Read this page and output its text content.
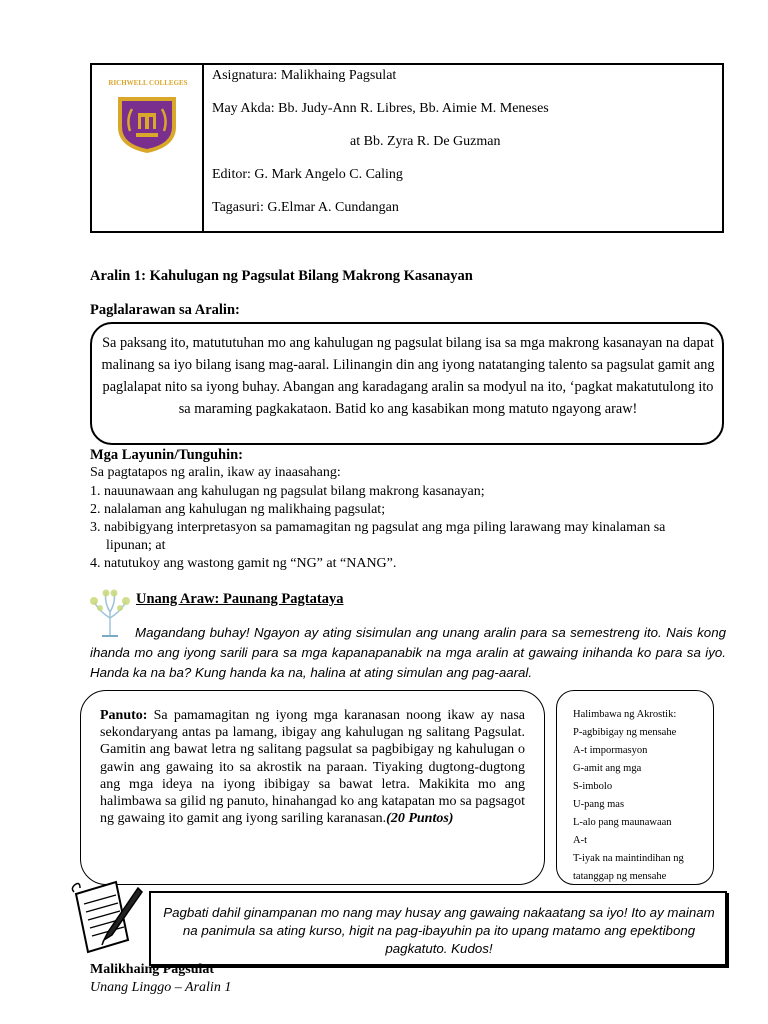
RICHWELL COLLEGES Asignatura: Malikhaing Pagsulat
May Akda: Bb. Judy-Ann R. Libres, Bb. Aimie M. Meneses
at Bb. Zyra R. De Guzman
Editor: G. Mark Angelo C. Caling
Tagasuri: G.Elmar A. Cundangan
Aralin 1: Kahulugan ng Pagsulat Bilang Makrong Kasanayan
Paglalarawan sa Aralin:
Sa paksang ito, matututuhan mo ang kahulugan ng pagsulat bilang isa sa mga makrong kasanayan na dapat malinang sa iyo bilang isang mag-aaral. Lilinangin din ang iyong natatanging talento sa pagsulat gamit ang paglalapat nito sa iyong buhay. Abangan ang karadagang aralin sa modyul na ito, ‘pagkat makatutulong ito sa maraming pagkakataon. Batid ko ang kasabikan mong matuto ngayong araw!
Mga Layunin/Tunguhin:
Sa pagtatapos ng aralin, ikaw ay inaasahang:
1. nauunawaan ang kahulugan ng pagsulat bilang makrong kasanayan;
2. nalalaman ang kahulugan ng malikhaing pagsulat;
3. nabibigyang interpretasyon sa pamamagitan ng pagsulat ang mga piling larawang may kinalaman sa
lipunan; at
4. natutukoy ang wastong gamit ng “NG” at “NANG”.
Unang Araw: Paunang Pagtataya
Magandang buhay! Ngayon ay ating sisimulan ang unang aralin para sa semestreng ito. Nais kong ihanda mo ang iyong sarili para sa mga kapanapanabik na mga aralin at gawaing inihanda ko para sa iyo. Handa ka na ba? Kung handa ka na, halina at ating simulan ang pag-aaral.
Panuto: Sa pamamagitan ng iyong mga karanasan noong ikaw ay nasa sekondaryang antas pa lamang, ibigay ang kahulugan ng salitang Pagsulat. Gamitin ang bawat letra ng salitang pagsulat sa pagbibigay ng kahulugan o gawin ang gawaing ito sa akrostik na paraan. Tiyaking dugtong-dugtong ang mga ideya na iyong ibibigay sa bawat letra. Makikita mo ang halimbawa sa gilid ng panuto, hinahangad ko ang katapatan mo sa pagsagot ng gawaing ito gamit ang iyong sariling karanasan.(20 Puntos)
Halimbawa ng Akrostik:
P-agbibigay ng mensahe
A-t impormasyon
G-amit ang mga
S-imbolo
U-pang mas
L-alo pang maunawaan
A-t
T-iyak na maintindihan ng
tatanggap ng mensahe
Pagbati dahil ginampanan mo nang may husay ang gawaing nakaatang sa iyo! Ito ay mainam na panimula sa ating kurso, higit na pag-ibayuhin pa ito upang matamo ang epektibong pagkatuto. Kudos!
Malikhaing Pagsulat
Unang Linggo – Aralin 1
